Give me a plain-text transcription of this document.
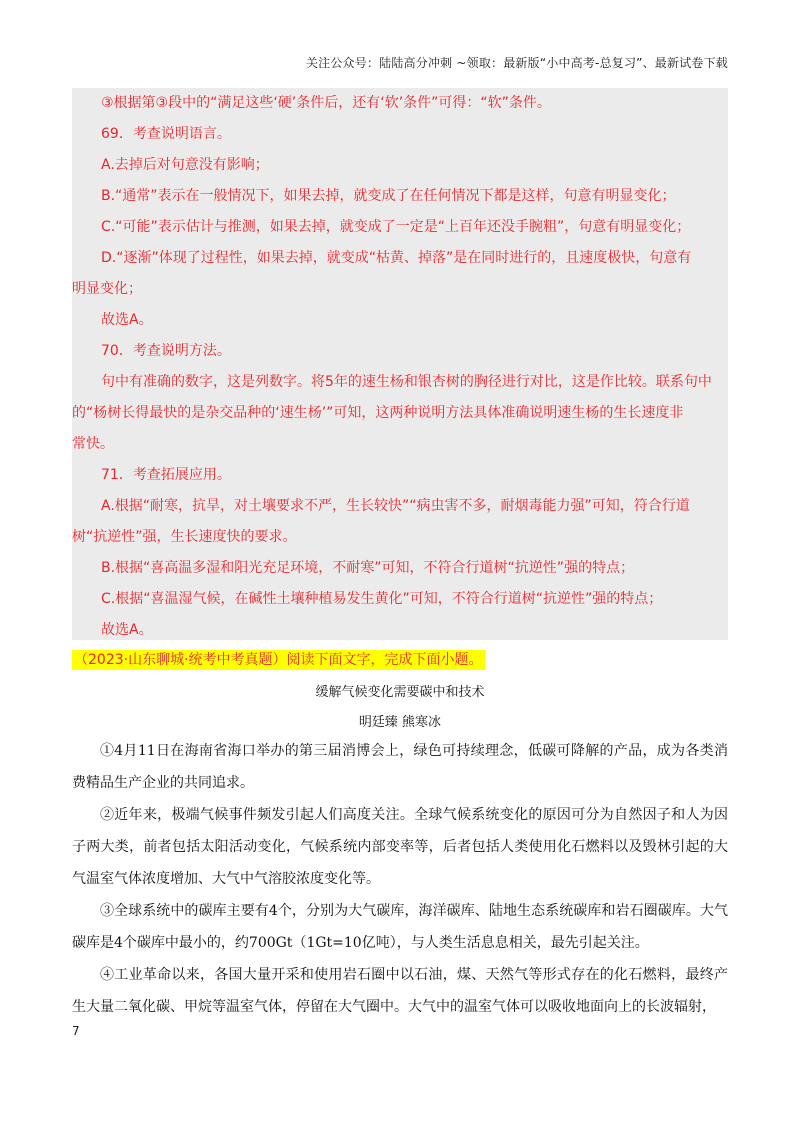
关注公众号：陆陆高分冲刺 ~领取：最新版“小中高考-总复习”、最新试卷下载

③根据第③段中的“满足这些‘硬’条件后，还有‘软’条件”可得：“软”条件。

69．考查说明语言。

A.去掉后对句意没有影响；

B.“通常”表示在一般情况下，如果去掉，就变成了在任何情况下都是这样，句意有明显变化；

C.“可能”表示估计与推测，如果去掉，就变成了一定是“上百年还没手腕粗”，句意有明显变化；

D.“逐渐”体现了过程性，如果去掉，就变成“枯黄、掉落”是在同时进行的，且速度极快，句意有

明显变化；

故选A。

70．考查说明方法。

句中有准确的数字，这是列数字。将5年的速生杨和银杏树的胸径进行对比，这是作比较。联系句中

的“杨树长得最快的是杂交品种的‘速生杨’”可知，这两种说明方法具体准确说明速生杨的生长速度非

常快。

71．考查拓展应用。

A.根据“耐寒，抗旱，对土壤要求不严，生长较快”“病虫害不多，耐烟毒能力强”可知，符合行道

树“抗逆性”强，生长速度快的要求。

B.根据“喜高温多湿和阳光充足环境，不耐寒”可知，不符合行道树“抗逆性”强的特点；

C.根据“喜温湿气候，在碱性土壤种植易发生黄化”可知，不符合行道树“抗逆性”强的特点；

故选A。

（2023·山东聊城·统考中考真题）阅读下面文字，完成下面小题。
缓解气候变化需要碳中和技术
明廷臻 熊寒冰

①4月11日在海南省海口举办的第三届消博会上，绿色可持续理念，低碳可降解的产品，成为各类消费精品生产企业的共同追求。

②近年来，极端气候事件频发引起人们高度关注。全球气候系统变化的原因可分为自然因子和人为因子两大类，前者包括太阳活动变化，气候系统内部变率等，后者包括人类使用化石燃料以及毁林引起的大气温室气体浓度增加、大气中气溶胶浓度变化等。

③全球系统中的碳库主要有4个，分别为大气碳库，海洋碳库、陆地生态系统碳库和岩石圈碳库。大气碳库是4个碳库中最小的，约700Gt（1Gt=10亿吨），与人类生活息息相关，最先引起关注。

④工业革命以来，各国大量开采和使用岩石圈中以石油，煤、天然气等形式存在的化石燃料，最终产生大量二氧化碳、甲烷等温室气体，停留在大气圈中。大气中的温室气体可以吸收地面向上的长波辐射，

7
